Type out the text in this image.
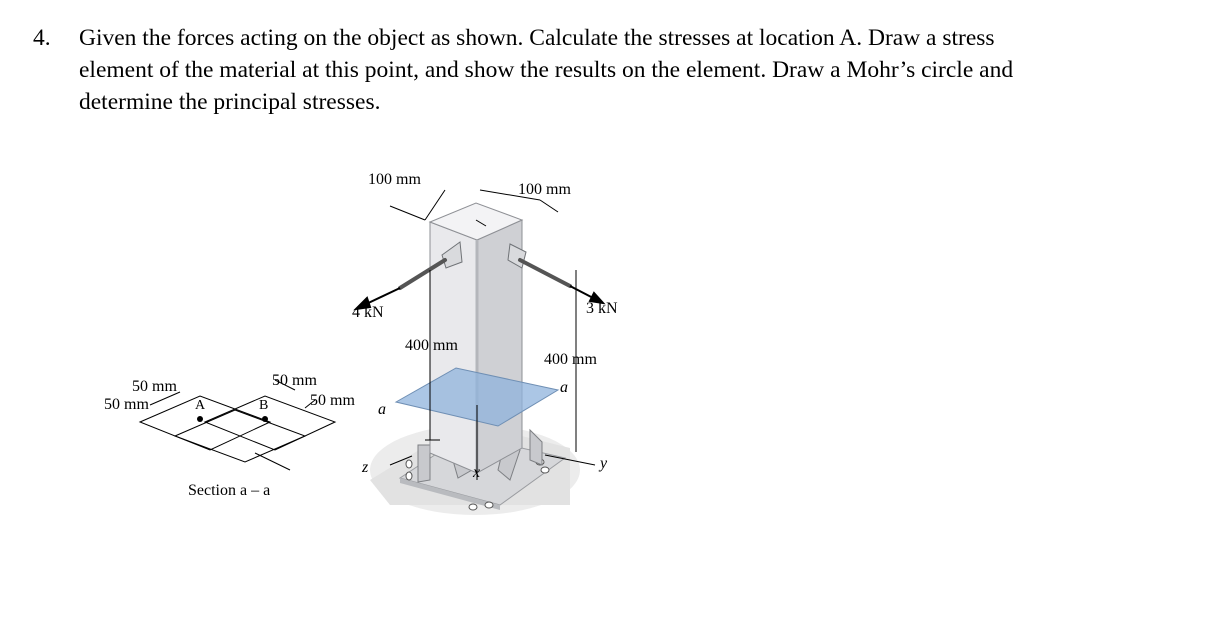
4. Given the forces acting on the object as shown. Calculate the stresses at location A. Draw a stress
element of the material at this point, and show the results on the element. Draw a Mohr’s circle and
determine the principal stresses.
100 mm
100 mm
4 kN	3 kN
400 mm
400 mm
a
a
50 mm
50 mm
50 mm
50 mm
A	B
Section a – a
x
y
z
